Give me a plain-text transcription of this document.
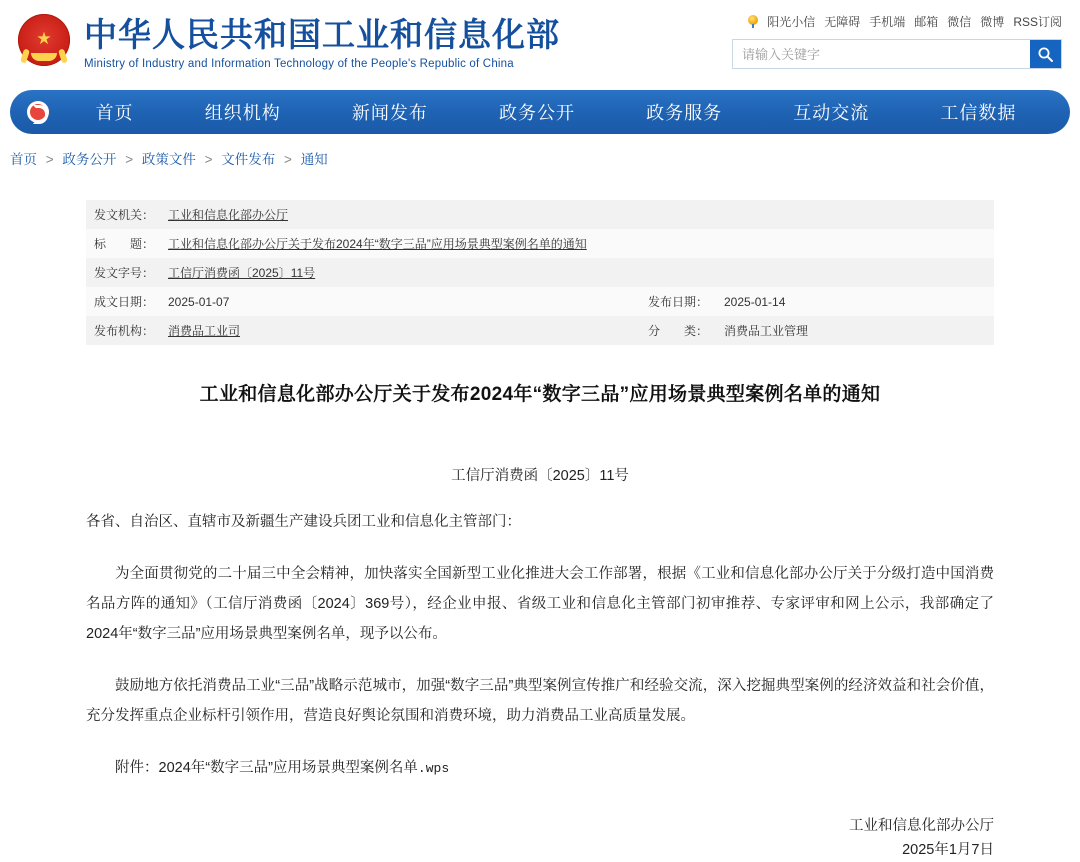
★ 中华人民共和国工业和信息化部
Ministry of Industry and Information Technology of the People's Republic of China
阳光小信 无障碍 手机端 邮箱 微信 微博 RSS订阅
请输入关键字
首页	组织机构	新闻发布	政务公开	政务服务	互动交流	工信数据
首页 > 政务公开 > 政策文件 > 文件发布 > 通知
发文机关：	工业和信息化部办公厅		
标　　题：	工业和信息化部办公厅关于发布2024年“数字三品”应用场景典型案例名单的通知		
发文字号：	工信厅消费函〔2025〕11号		
成文日期：	2025-01-07	发布日期：	2025-01-14
发布机构：	消费品工业司	分　　类：	消费品工业管理
工业和信息化部办公厅关于发布2024年“数字三品”应用场景典型案例名单的通知
工信厅消费函〔2025〕11号

各省、自治区、直辖市及新疆生产建设兵团工业和信息化主管部门：

为全面贯彻党的二十届三中全会精神，加快落实全国新型工业化推进大会工作部署，根据《工业和信息化部办公厅关于分级打造中国消费名品方阵的通知》（工信厅消费函〔2024〕369号），经企业申报、省级工业和信息化主管部门初审推荐、专家评审和网上公示，我部确定了2024年“数字三品”应用场景典型案例名单，现予以公布。

鼓励地方依托消费品工业“三品”战略示范城市，加强“数字三品”典型案例宣传推广和经验交流，深入挖掘典型案例的经济效益和社会价值，充分发挥重点企业标杆引领作用，营造良好舆论氛围和消费环境，助力消费品工业高质量发展。

附件：2024年“数字三品”应用场景典型案例名单.wps

工业和信息化部办公厅
2025年1月7日
